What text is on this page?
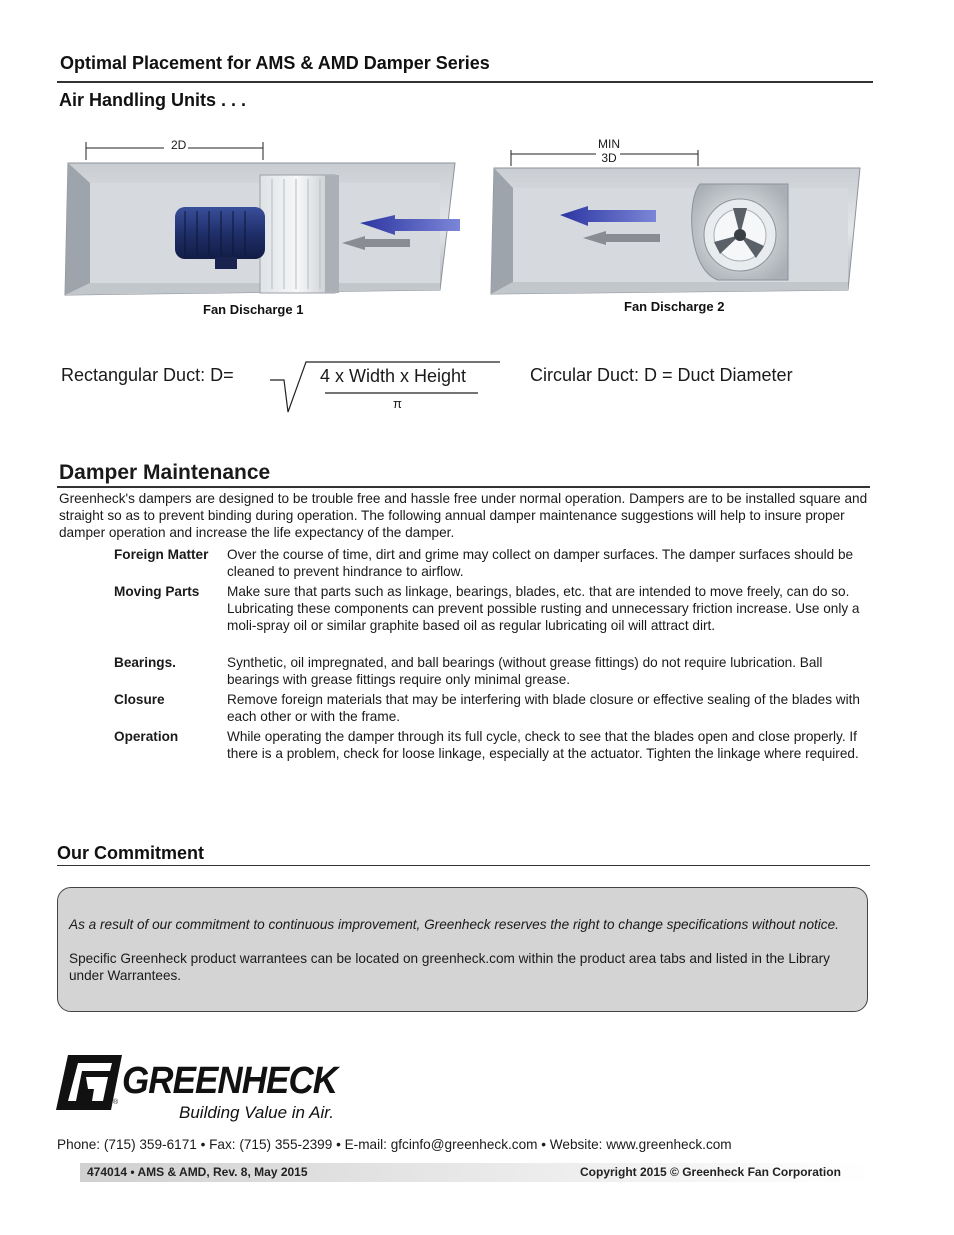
Optimal Placement for AMS & AMD Damper Series
Air Handling Units . . .
2D
Fan Discharge 1
MIN
3D
Fan Discharge 2
Rectangular Duct: D=	4 x Width x Height
π
Circular Duct: D = Duct Diameter
Damper Maintenance
Greenheck's dampers are designed to be trouble free and hassle free under normal operation. Dampers are to be installed square and straight so as to prevent binding during operation. The following annual damper maintenance suggestions will help to insure proper damper operation and increase the life expectancy of the damper.
Foreign Matter	Over the course of time, dirt and grime may collect on damper surfaces. The damper surfaces should be cleaned to prevent hindrance to airflow.
Moving Parts	Make sure that parts such as linkage, bearings, blades, etc. that are intended to move freely, can do so. Lubricating these components can prevent possible rusting and unnecessary friction increase. Use only a moli-spray oil or similar graphite based oil as regular lubricating oil will attract dirt.
Bearings.	Synthetic, oil impregnated, and ball bearings (without grease fittings) do not require lubrication. Ball bearings with grease fittings require only minimal grease.
Closure	Remove foreign materials that may be interfering with blade closure or effective sealing of the blades with each other or with the frame.
Operation	While operating the damper through its full cycle, check to see that the blades open and close properly. If there is a problem, check for loose linkage, especially at the actuator. Tighten the linkage where required.
Our Commitment
As a result of our commitment to continuous improvement, Greenheck reserves the right to change specifications without notice.
Specific Greenheck product warrantees can be located on greenheck.com within the product area tabs and listed in the Library under Warrantees.
®
GREENHECK
Building Value in Air.
Phone: (715) 359-6171 • Fax: (715) 355-2399 • E-mail: gfcinfo@greenheck.com • Website: www.greenheck.com
474014 • AMS & AMD, Rev. 8, May 2015	Copyright 2015 © Greenheck Fan Corporation
